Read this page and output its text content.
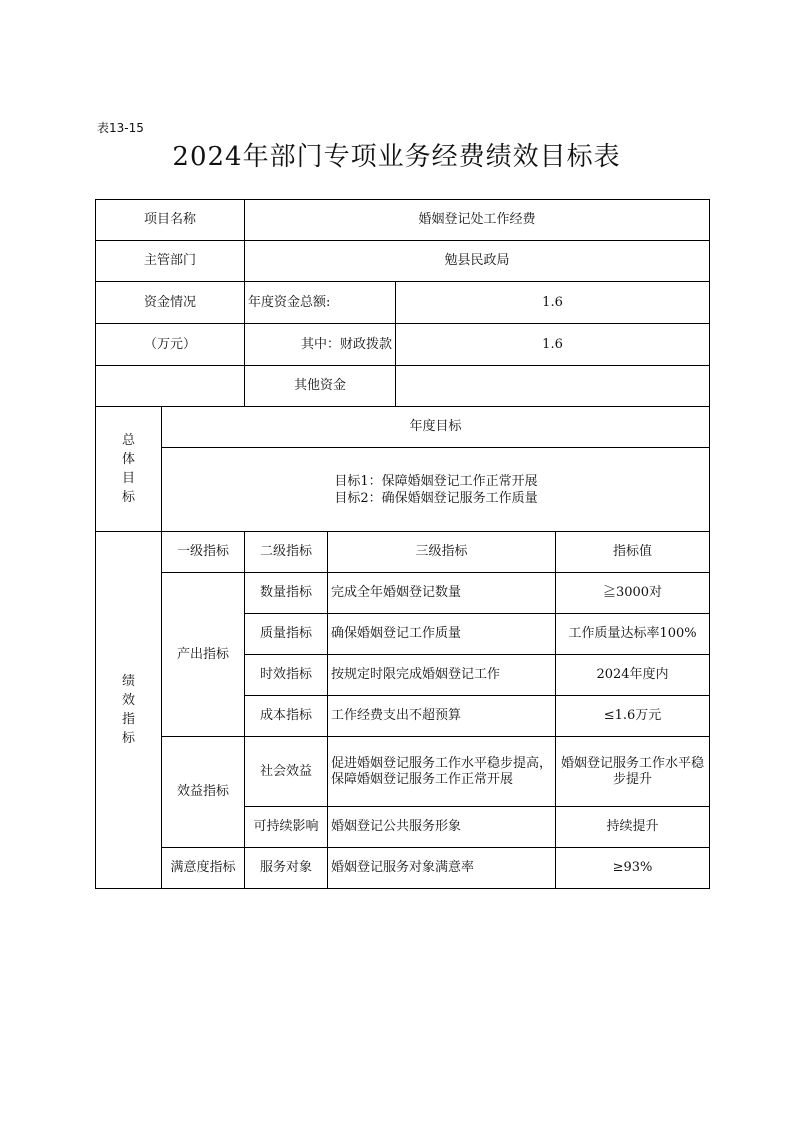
表13-15
2024年部门专项业务经费绩效目标表
项目名称		婚姻登记处工作经费			
主管部门		勉县民政局			
资金情况		年度资金总额:		1.6	
（万元）		其中：财政拨款		1.6	
		其他资金			

总
体
目
标	年度目标				

	目标1：保障婚姻登记工作正常开展
目标2：确保婚姻登记服务工作质量				

绩
效
指
标	一级指标	二级指标	三级指标		指标值
	产出指标	数量指标	完成全年婚姻登记数量		≧3000对
		质量指标	确保婚姻登记工作质量		工作质量达标率100%
		时效指标	按规定时限完成婚姻登记工作		2024年度内
		成本指标	工作经费支出不超预算		≤1.6万元
	效益指标	社会效益	促进婚姻登记服务工作水平稳步提高，保障婚姻登记服务工作正常开展		婚姻登记服务工作水平稳步提升
		可持续影响	婚姻登记公共服务形象		持续提升
	满意度指标	服务对象	婚姻登记服务对象满意率		≥93%
